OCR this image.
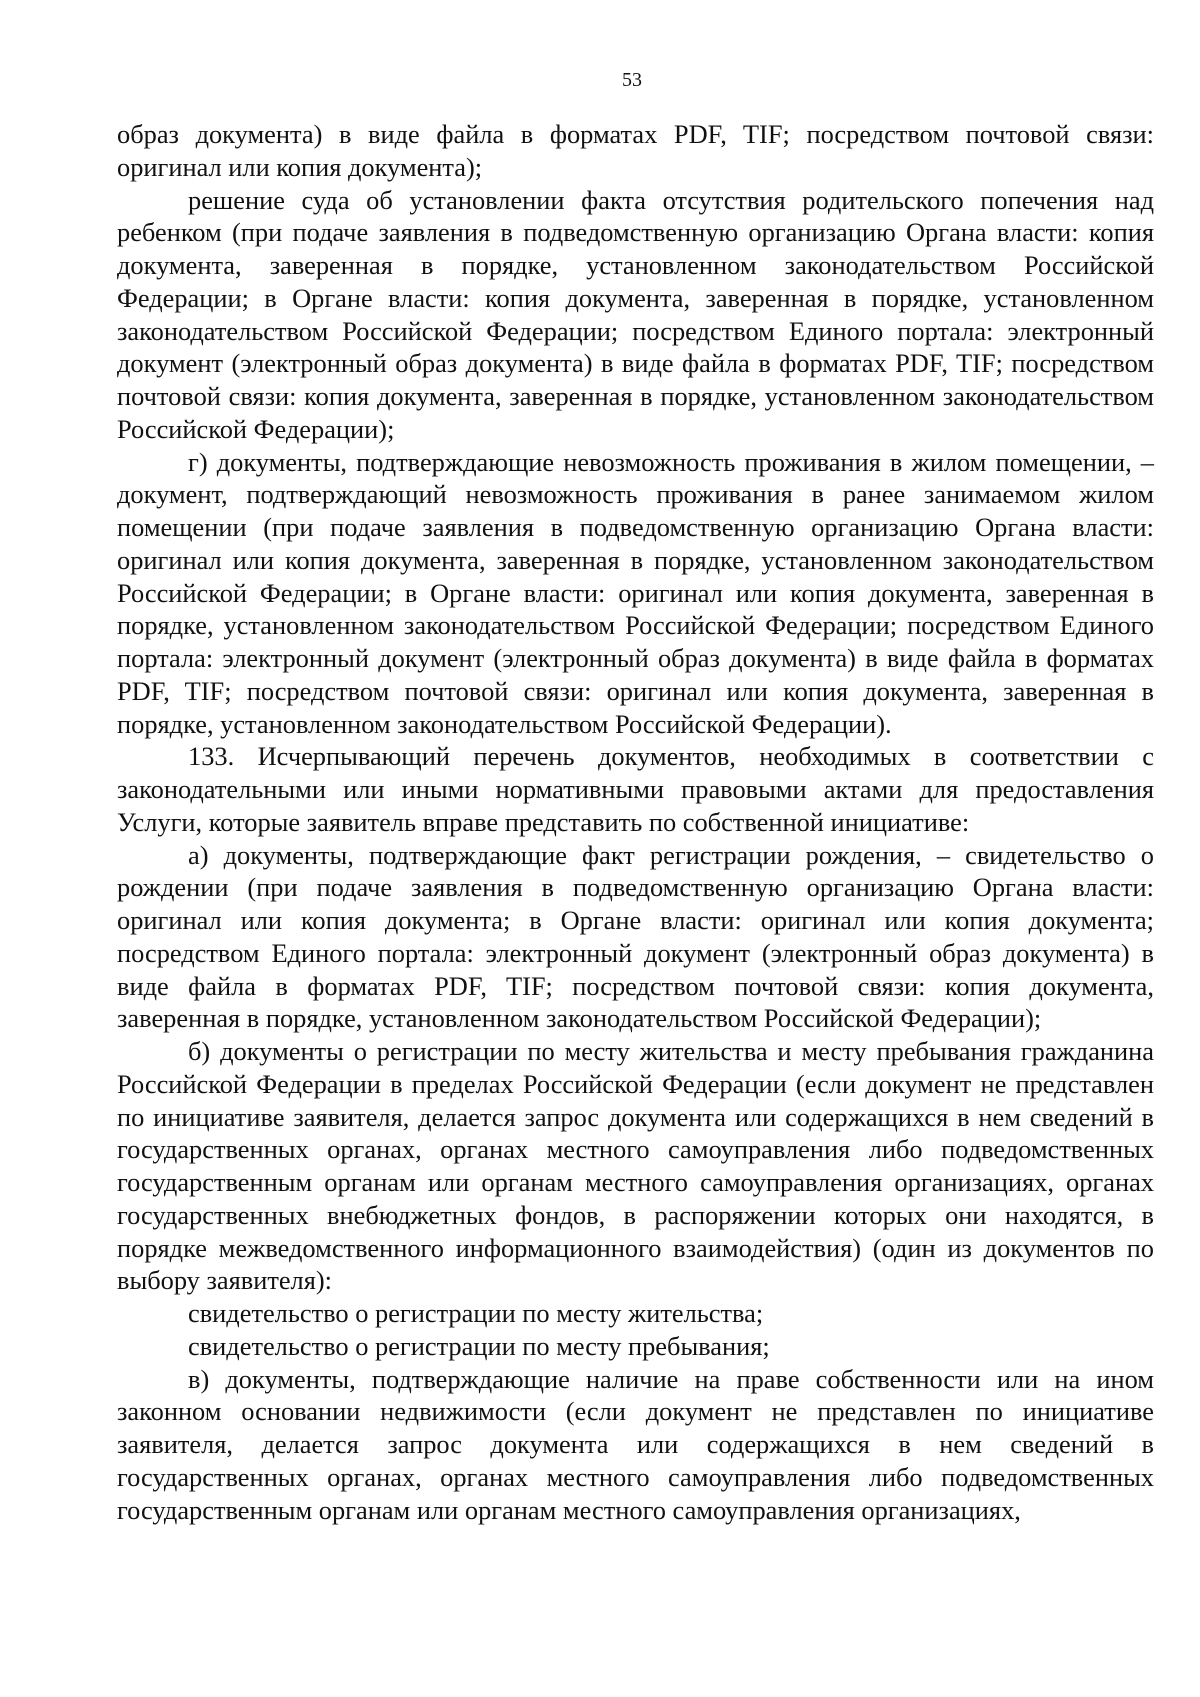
53

образ документа) в виде файла в форматах PDF, TIF; посредством почтовой связи: оригинал или копия документа);

решение суда об установлении факта отсутствия родительского попечения над ребенком (при подаче заявления в подведомственную организацию Органа власти: копия документа, заверенная в порядке, установленном законодательством Российской Федерации; в Органе власти: копия документа, заверенная в порядке, установленном законодательством Российской Федерации; посредством Единого портала: электронный документ (электронный образ документа) в виде файла в форматах PDF, TIF; посредством почтовой связи: копия документа, заверенная в порядке, установленном законодательством Российской Федерации);

г) документы, подтверждающие невозможность проживания в жилом помещении, – документ, подтверждающий невозможность проживания в ранее занимаемом жилом помещении (при подаче заявления в подведомственную организацию Органа власти: оригинал или копия документа, заверенная в порядке, установленном законодательством Российской Федерации; в Органе власти: оригинал или копия документа, заверенная в порядке, установленном законодательством Российской Федерации; посредством Единого портала: электронный документ (электронный образ документа) в виде файла в форматах PDF, TIF; посредством почтовой связи: оригинал или копия документа, заверенная в порядке, установленном законодательством Российской Федерации).

133. Исчерпывающий перечень документов, необходимых в соответствии с законодательными или иными нормативными правовыми актами для предоставления Услуги, которые заявитель вправе представить по собственной инициативе:

а) документы, подтверждающие факт регистрации рождения, – свидетельство о рождении (при подаче заявления в подведомственную организацию Органа власти: оригинал или копия документа; в Органе власти: оригинал или копия документа; посредством Единого портала: электронный документ (электронный образ документа) в виде файла в форматах PDF, TIF; посредством почтовой связи: копия документа, заверенная в порядке, установленном законодательством Российской Федерации);

б) документы о регистрации по месту жительства и месту пребывания гражданина Российской Федерации в пределах Российской Федерации (если документ не представлен по инициативе заявителя, делается запрос документа или содержащихся в нем сведений в государственных органах, органах местного самоуправления либо подведомственных государственным органам или органам местного самоуправления организациях, органах государственных внебюджетных фондов, в распоряжении которых они находятся, в порядке межведомственного информационного взаимодействия) (один из документов по выбору заявителя):

свидетельство о регистрации по месту жительства;

свидетельство о регистрации по месту пребывания;

в) документы, подтверждающие наличие на праве собственности или на ином законном основании недвижимости (если документ не представлен по инициативе заявителя, делается запрос документа или содержащихся в нем сведений в государственных органах, органах местного самоуправления либо подведомственных государственным органам или органам местного самоуправления организациях,
